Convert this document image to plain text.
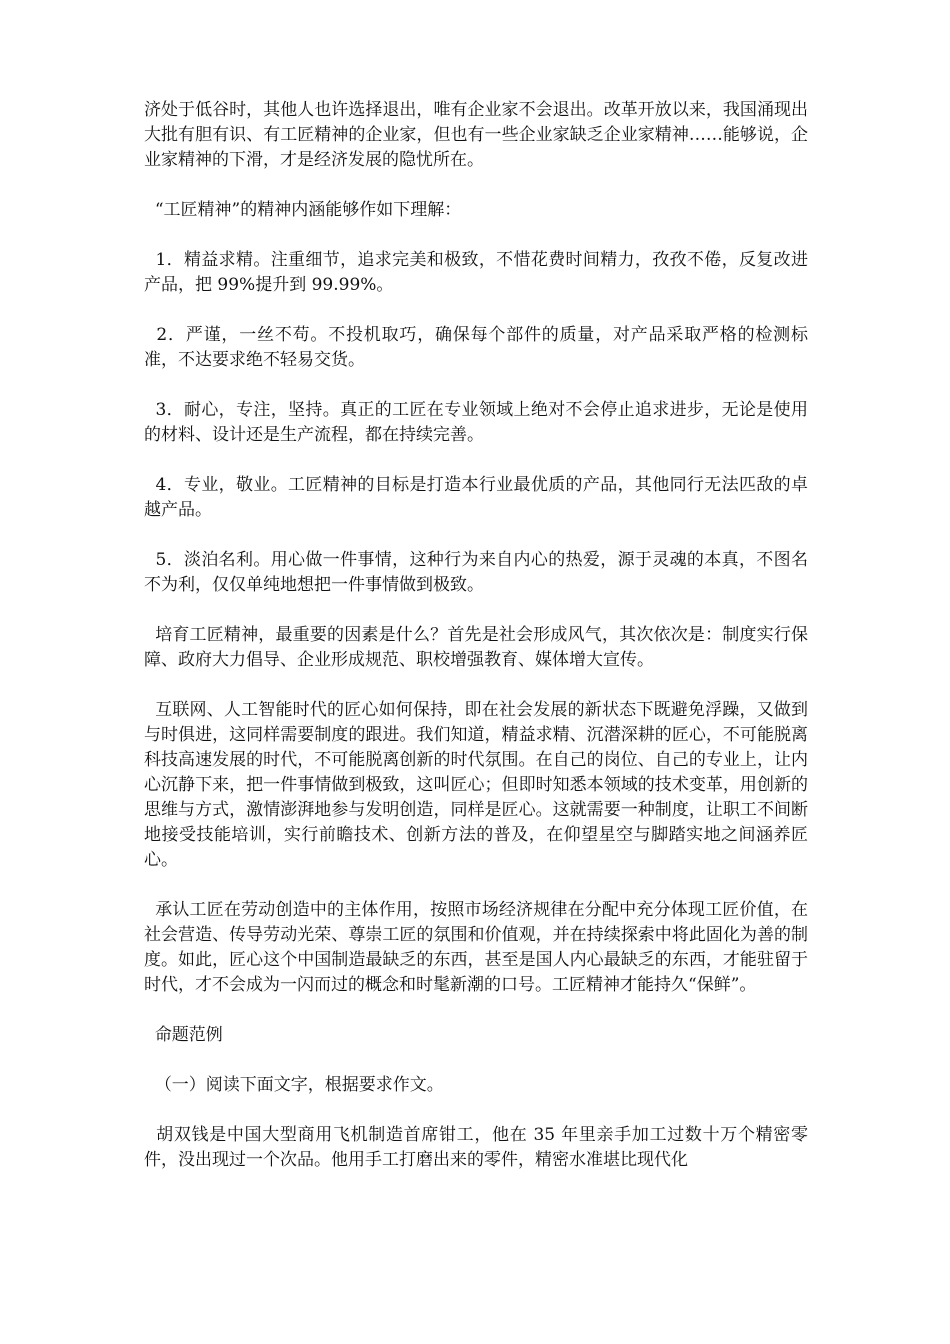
济处于低谷时，其他人也许选择退出，唯有企业家不会退出。改革开放以来，我国涌现出大批有胆有识、有工匠精神的企业家，但也有一些企业家缺乏企业家精神……能够说，企业家精神的下滑，才是经济发展的隐忧所在。

“工匠精神”的精神内涵能够作如下理解：

1．精益求精。注重细节，追求完美和极致，不惜花费时间精力，孜孜不倦，反复改进产品，把 99%提升到 99.99%。

2．严谨，一丝不苟。不投机取巧，确保每个部件的质量，对产品采取严格的检测标准，不达要求绝不轻易交货。

3．耐心，专注，坚持。真正的工匠在专业领域上绝对不会停止追求进步，无论是使用的材料、设计还是生产流程，都在持续完善。

4．专业，敬业。工匠精神的目标是打造本行业最优质的产品，其他同行无法匹敌的卓越产品。

5．淡泊名利。用心做一件事情，这种行为来自内心的热爱，源于灵魂的本真，不图名不为利，仅仅单纯地想把一件事情做到极致。

培育工匠精神，最重要的因素是什么？首先是社会形成风气，其次依次是：制度实行保障、政府大力倡导、企业形成规范、职校增强教育、媒体增大宣传。

互联网、人工智能时代的匠心如何保持，即在社会发展的新状态下既避免浮躁，又做到与时俱进，这同样需要制度的跟进。我们知道，精益求精、沉潜深耕的匠心，不可能脱离科技高速发展的时代，不可能脱离创新的时代氛围。在自己的岗位、自己的专业上，让内心沉静下来，把一件事情做到极致，这叫匠心；但即时知悉本领域的技术变革，用创新的思维与方式，激情澎湃地参与发明创造，同样是匠心。这就需要一种制度，让职工不间断地接受技能培训，实行前瞻技术、创新方法的普及，在仰望星空与脚踏实地之间涵养匠心。

承认工匠在劳动创造中的主体作用，按照市场经济规律在分配中充分体现工匠价值，在社会营造、传导劳动光荣、尊崇工匠的氛围和价值观，并在持续探索中将此固化为善的制度。如此，匠心这个中国制造最缺乏的东西，甚至是国人内心最缺乏的东西，才能驻留于时代，才不会成为一闪而过的概念和时髦新潮的口号。工匠精神才能持久“保鲜”。

命题范例

（一）阅读下面文字，根据要求作文。

胡双钱是中国大型商用飞机制造首席钳工，他在 35 年里亲手加工过数十万个精密零件，没出现过一个次品。他用手工打磨出来的零件，精密水准堪比现代化
